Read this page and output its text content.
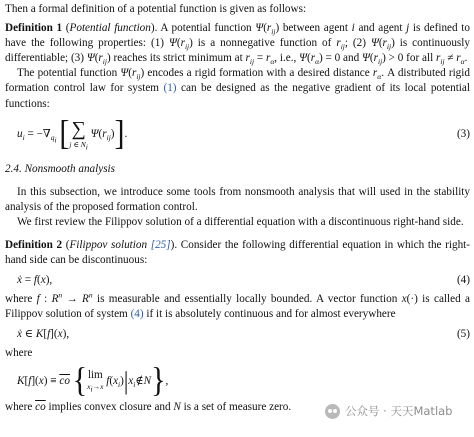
Then a formal definition of a potential function is given as follows:

Definition 1 (Potential function). A potential function $\Psi(r_{ij})$ between agent i and agent j is defined to have the following properties: (1) $\Psi(r_{ij})$ is a nonnegative function of $r_{ij}$; (2) $\Psi(r_{ij})$ is continuously differentiable; (3) $\Psi(r_{ij})$ reaches its strict minimum at $r_{ij} = r_\alpha$, i.e., $\Psi(r_\alpha) = 0$ and $\Psi(r_{ij}) > 0$ for all $r_{ij} \ne r_\alpha$.

The potential function $\Psi(r_{ij})$ encodes a rigid formation with a desired distance $r_\alpha$. A distributed rigid formation control law for system (1) can be designed as the negative gradient of its local potential functions:

$u_i = -\nabla_{q_i}$ [ ∑
j ∈ $N_i$
$\Psi(r_{ij})$].	(3)

2.4. Nonsmooth analysis

In this subsection, we introduce some tools from nonsmooth analysis that will used in the stability analysis of the proposed formation control.

We first review the Filippov solution of a differential equation with a discontinuous right-hand side.

Definition 2 (Filippov solution [25]). Consider the following differential equation in which the right-hand side can be discontinuous:

ẋ = f(x),	(4)

where f : $R^n \to R^n$ is measurable and essentially locally bounded. A vector function x(·) is called a Filippov solution of system (4) if it is absolutely continuous and for almost everywhere

ẋ ∈ K[f](x),	(5)

where

$K[f](x) \equiv \overline{co}$ { lim
$x_i\to x$ $f(x_i)|x_i\notin N$},

where $\overline{co}$ implies convex closure and N is a set of measure zero.	公众号 · 天天Matlab
